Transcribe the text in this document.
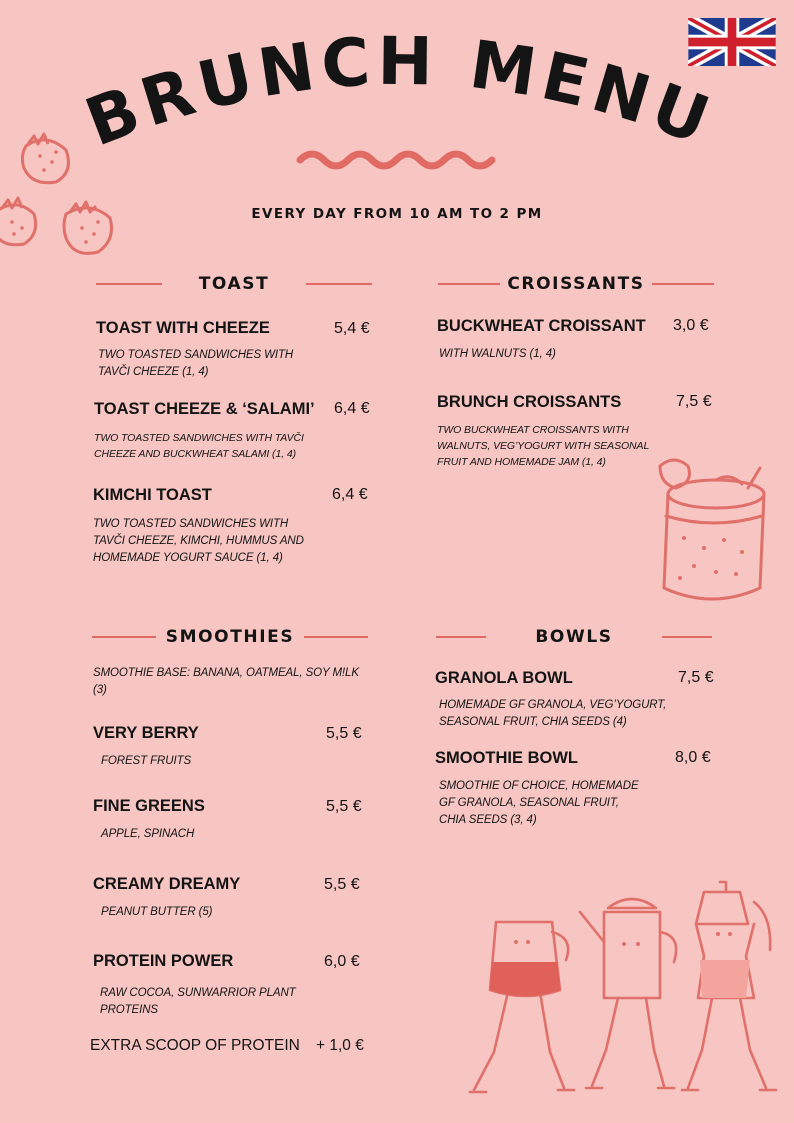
BRUNCH MENU
EVERY DAY FROM 10 AM TO 2 PM
TOAST
TOAST WITH CHEEZE	5,4 €
TWO TOASTED SANDWICHES WITH
TAVČI CHEEZE (1, 4)
TOAST CHEEZE & ‘SALAMI’ 6,4 €
TWO TOASTED SANDWICHES WITH TAVČI
CHEEZE AND BUCKWHEAT SALAMI (1, 4)
KIMCHI TOAST	6,4 €
TWO TOASTED SANDWICHES WITH
TAVČI CHEEZE, KIMCHI, HUMMUS AND
HOMEMADE YOGURT SAUCE (1, 4)
CROISSANTS
BUCKWHEAT CROISSANT 3,0 €
WITH WALNUTS (1, 4)
BRUNCH CROISSANTS	7,5 €
TWO BUCKWHEAT CROISSANTS WITH
WALNUTS, VEG’YOGURT WITH SEASONAL
FRUIT AND HOMEMADE JAM (1, 4)
SMOOTHIES
SMOOTHIE BASE: BANANA, OATMEAL, SOY M!LK
(3)
VERY BERRY	5,5 €
FOREST FRUITS
FINE GREENS	5,5 €
APPLE, SPINACH
CREAMY DREAMY	5,5 €
PEANUT BUTTER (5)
PROTEIN POWER	6,0 €
RAW COCOA, SUNWARRIOR PLANT
PROTEINS
EXTRA SCOOP OF PROTEIN + 1,0 €
BOWLS
GRANOLA BOWL	7,5 €
HOMEMADE GF GRANOLA, VEG’YOGURT,
SEASONAL FRUIT, CHIA SEEDS (4)
SMOOTHIE BOWL	8,0 €
SMOOTHIE OF CHOICE, HOMEMADE
GF GRANOLA, SEASONAL FRUIT,
CHIA SEEDS (3, 4)
